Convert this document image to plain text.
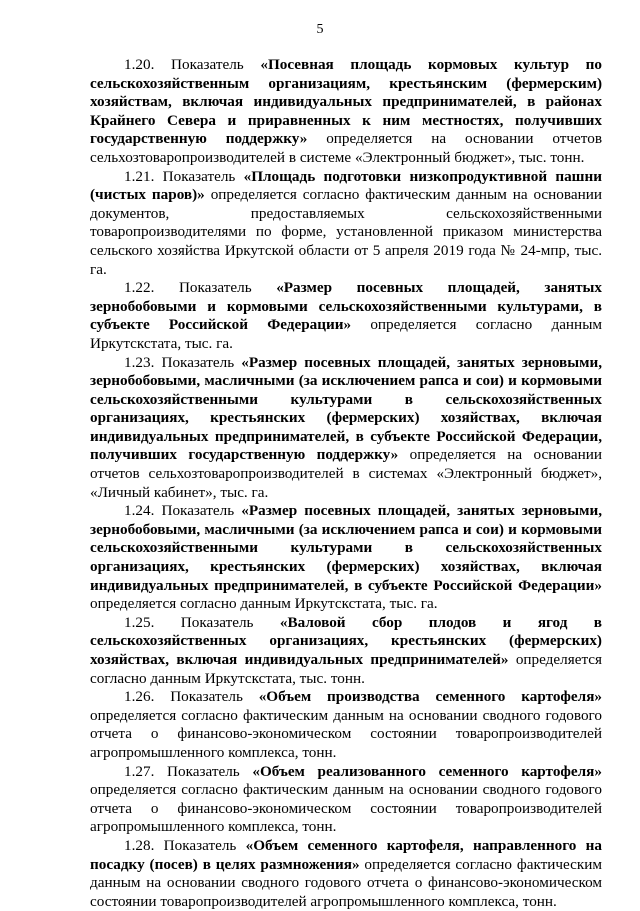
5

1.20. Показатель «Посевная площадь кормовых культур по сельскохозяйственным организациям, крестьянским (фермерским) хозяйствам, включая индивидуальных предпринимателей, в районах Крайнего Севера и приравненных к ним местностях, получивших государственную поддержку» определяется на основании отчетов сельхозтоваропроизводителей в системе «Электронный бюджет», тыс. тонн.

1.21. Показатель «Площадь подготовки низкопродуктивной пашни (чистых паров)» определяется согласно фактическим данным на основании документов, предоставляемых сельскохозяйственными товаропроизводителями по форме, установленной приказом министерства сельского хозяйства Иркутской области от 5 апреля 2019 года № 24-мпр, тыс. га.

1.22. Показатель «Размер посевных площадей, занятых зернобобовыми и кормовыми сельскохозяйственными культурами, в субъекте Российской Федерации» определяется согласно данным Иркутскстата, тыс. га.

1.23. Показатель «Размер посевных площадей, занятых зерновыми, зернобобовыми, масличными (за исключением рапса и сои) и кормовыми сельскохозяйственными культурами в сельскохозяйственных организациях, крестьянских (фермерских) хозяйствах, включая индивидуальных предпринимателей, в субъекте Российской Федерации, получивших государственную поддержку» определяется на основании отчетов сельхозтоваропроизводителей в системах «Электронный бюджет», «Личный кабинет», тыс. га.

1.24. Показатель «Размер посевных площадей, занятых зерновыми, зернобобовыми, масличными (за исключением рапса и сои) и кормовыми сельскохозяйственными культурами в сельскохозяйственных организациях, крестьянских (фермерских) хозяйствах, включая индивидуальных предпринимателей, в субъекте Российской Федерации» определяется согласно данным Иркутскстата, тыс. га.

1.25. Показатель «Валовой сбор плодов и ягод в сельскохозяйственных организациях, крестьянских (фермерских) хозяйствах, включая индивидуальных предпринимателей» определяется согласно данным Иркутскстата, тыс. тонн.

1.26. Показатель «Объем производства семенного картофеля» определяется согласно фактическим данным на основании сводного годового отчета о финансово-экономическом состоянии товаропроизводителей агропромышленного комплекса, тонн.

1.27. Показатель «Объем реализованного семенного картофеля» определяется согласно фактическим данным на основании сводного годового отчета о финансово-экономическом состоянии товаропроизводителей агропромышленного комплекса, тонн.

1.28. Показатель «Объем семенного картофеля, направленного на посадку (посев) в целях размножения» определяется согласно фактическим данным на основании сводного годового отчета о финансово-экономическом состоянии товаропроизводителей агропромышленного комплекса, тонн.
